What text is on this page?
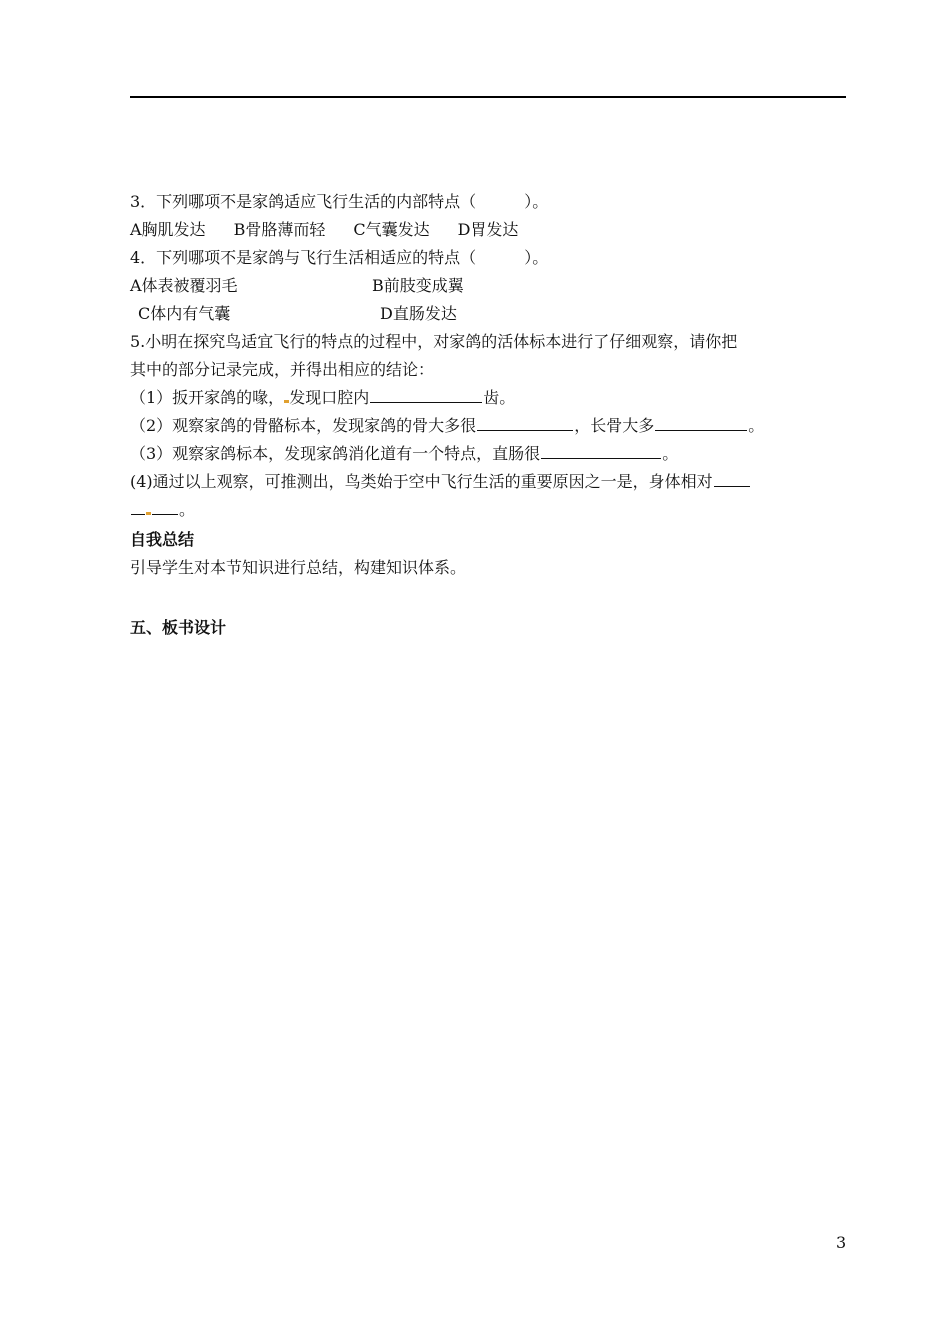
3．下列哪项不是家鸽适应飞行生活的内部特点（	）。
A胸肌发达 B骨胳薄而轻 C气囊发达 D胃发达
4．下列哪项不是家鸽与飞行生活相适应的特点（	）。
A体表被覆羽毛	B前肢变成翼
C体内有气囊	D直肠发达
5.小明在探究鸟适宜飞行的特点的过程中，对家鸽的活体标本进行了仔细观察，请你把
其中的部分记录完成，并得出相应的结论：
（1）扳开家鸽的喙， 发现口腔内	齿。
（2）观察家鸽的骨骼标本，发现家鸽的骨大多很	，长骨大多	。
（3）观察家鸽标本，发现家鸽消化道有一个特点，直肠很	。
(4)通过以上观察，可推测出，鸟类始于空中飞行生活的重要原因之一是，身体相对
。
自我总结
引导学生对本节知识进行总结，构建知识体系。
五、板书设计
3
